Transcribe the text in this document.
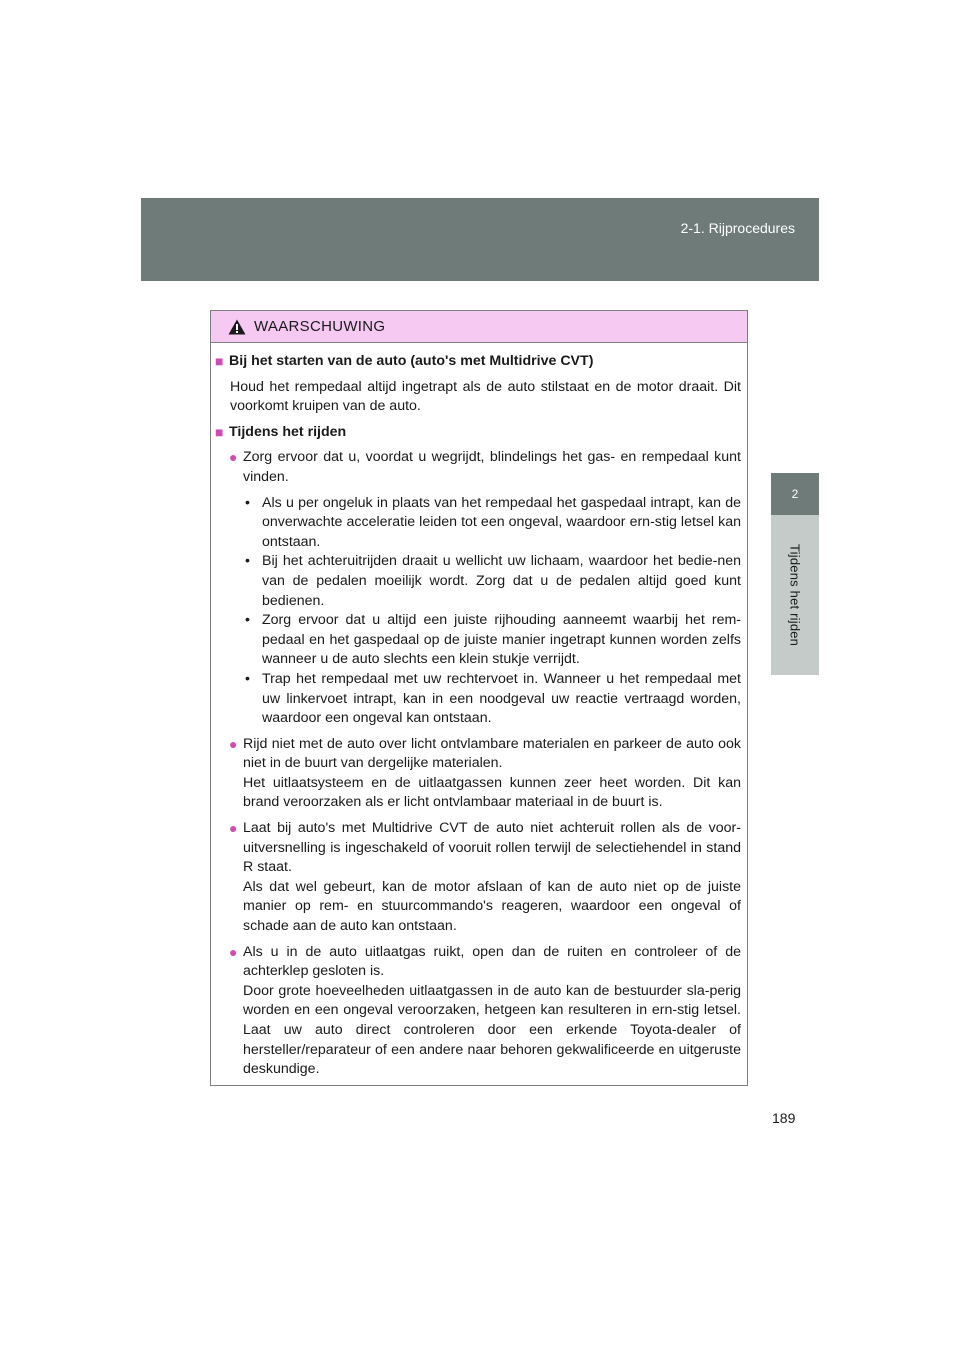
2-1. Rijprocedures
2
Tijdens het rijden
WAARSCHUWING
■ Bij het starten van de auto (auto's met Multidrive CVT)
Houd het rempedaal altijd ingetrapt als de auto stilstaat en de motor draait. Dit voorkomt kruipen van de auto.
■ Tijdens het rijden
● Zorg ervoor dat u, voordat u wegrijdt, blindelings het gas- en rempedaal kunt vinden.
• Als u per ongeluk in plaats van het rempedaal het gaspedaal intrapt, kan de onverwachte acceleratie leiden tot een ongeval, waardoor ern-stig letsel kan ontstaan.
• Bij het achteruitrijden draait u wellicht uw lichaam, waardoor het bedie-nen van de pedalen moeilijk wordt. Zorg dat u de pedalen altijd goed kunt bedienen.
• Zorg ervoor dat u altijd een juiste rijhouding aanneemt waarbij het rem-pedaal en het gaspedaal op de juiste manier ingetrapt kunnen worden zelfs wanneer u de auto slechts een klein stukje verrijdt.
• Trap het rempedaal met uw rechtervoet in. Wanneer u het rempedaal met uw linkervoet intrapt, kan in een noodgeval uw reactie vertraagd worden, waardoor een ongeval kan ontstaan.
● Rijd niet met de auto over licht ontvlambare materialen en parkeer de auto ook niet in de buurt van dergelijke materialen.
Het uitlaatsysteem en de uitlaatgassen kunnen zeer heet worden. Dit kan brand veroorzaken als er licht ontvlambaar materiaal in de buurt is.
● Laat bij auto's met Multidrive CVT de auto niet achteruit rollen als de voor-uitversnelling is ingeschakeld of vooruit rollen terwijl de selectiehendel in stand R staat.
Als dat wel gebeurt, kan de motor afslaan of kan de auto niet op de juiste manier op rem- en stuurcommando's reageren, waardoor een ongeval of schade aan de auto kan ontstaan.
● Als u in de auto uitlaatgas ruikt, open dan de ruiten en controleer of de achterklep gesloten is.
Door grote hoeveelheden uitlaatgassen in de auto kan de bestuurder sla-perig worden en een ongeval veroorzaken, hetgeen kan resulteren in ern-stig letsel. Laat uw auto direct controleren door een erkende Toyota-dealer of hersteller/reparateur of een andere naar behoren gekwalificeerde en uitgeruste deskundige.
189
